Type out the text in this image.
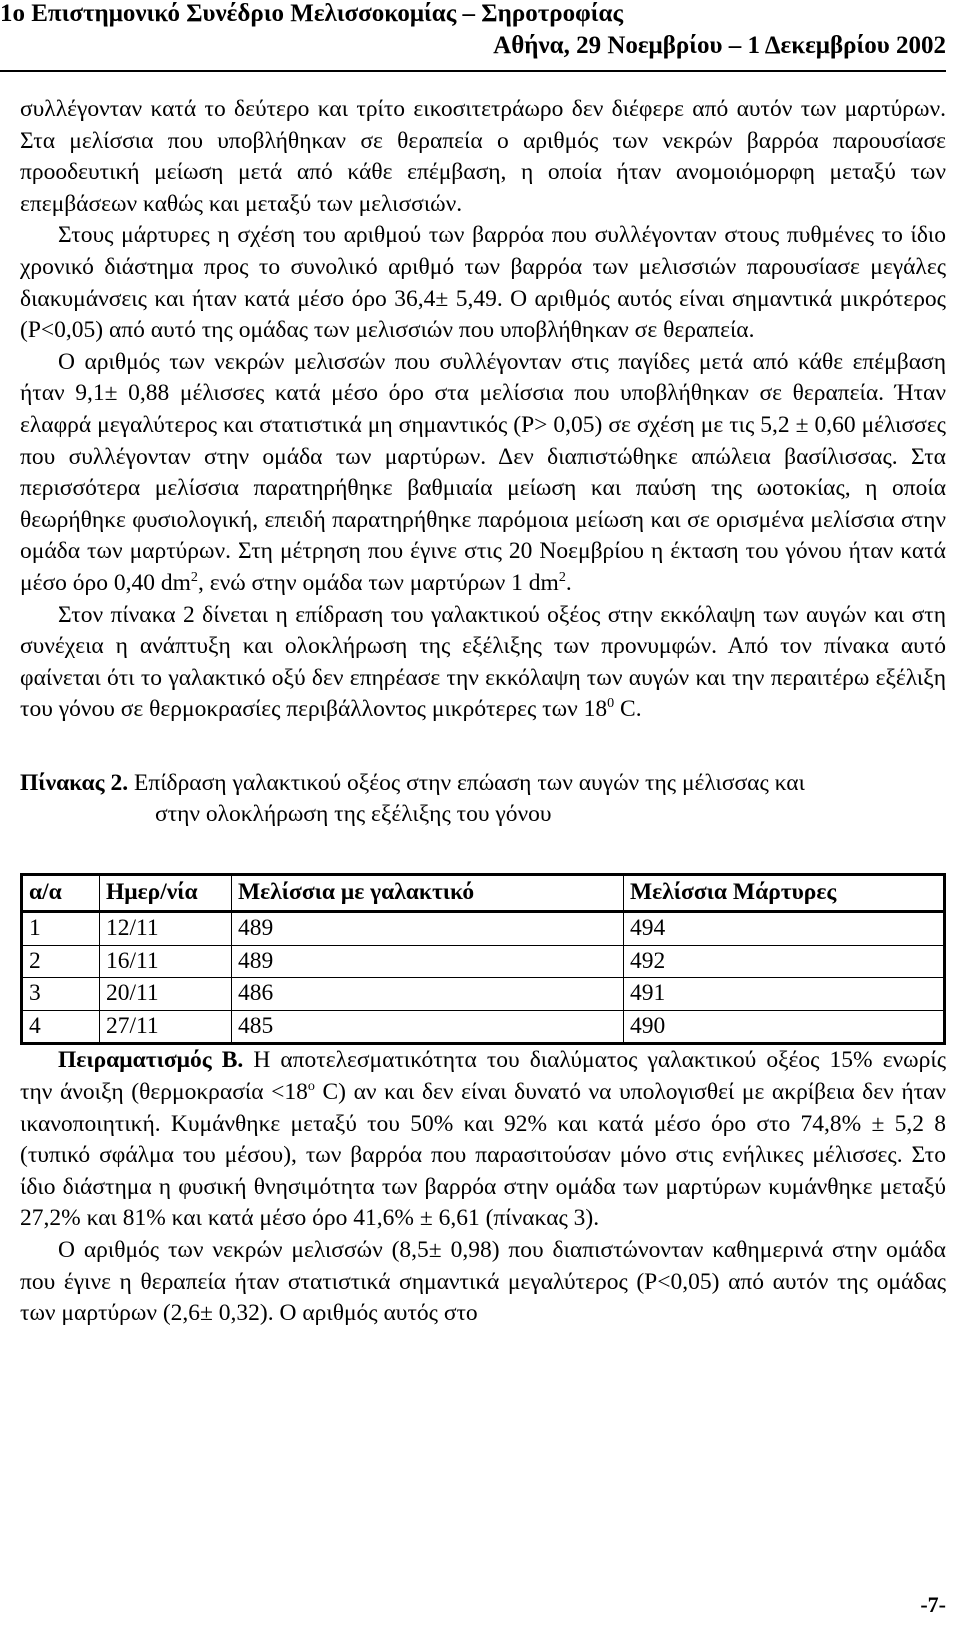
1ο Επιστημονικό Συνέδριο Μελισσοκομίας – Σηροτροφίας
Αθήνα, 29 Νοεμβρίου – 1 Δεκεμβρίου 2002

συλλέγονταν κατά το δεύτερο και τρίτο εικοσιτετράωρο δεν διέφερε από αυτόν των μαρτύρων. Στα μελίσσια που υποβλήθηκαν σε θεραπεία ο αριθμός των νεκρών βαρρόα παρουσίασε προοδευτική μείωση μετά από κάθε επέμβαση, η οποία ήταν ανομοιόμορφη μεταξύ των επεμβάσεων καθώς και μεταξύ των μελισσιών.

Στους μάρτυρες η σχέση του αριθμού των βαρρόα που συλλέγονταν στους πυθμένες το ίδιο χρονικό διάστημα προς το συνολικό αριθμό των βαρρόα των μελισσιών παρουσίασε μεγάλες διακυμάνσεις και ήταν κατά μέσο όρο 36,4± 5,49. Ο αριθμός αυτός είναι σημαντικά μικρότερος (P<0,05) από αυτό της ομάδας των μελισσιών που υποβλήθηκαν σε θεραπεία.

Ο αριθμός των νεκρών μελισσών που συλλέγονταν στις παγίδες μετά από κάθε επέμβαση ήταν 9,1± 0,88 μέλισσες κατά μέσο όρο στα μελίσσια που υποβλήθηκαν σε θεραπεία. Ήταν ελαφρά μεγαλύτερος και στατιστικά μη σημαντικός (P> 0,05) σε σχέση με τις 5,2 ± 0,60 μέλισσες που συλλέγονταν στην ομάδα των μαρτύρων. Δεν διαπιστώθηκε απώλεια βασίλισσας. Στα περισσότερα μελίσσια παρατηρήθηκε βαθμιαία μείωση και παύση της ωοτοκίας, η οποία θεωρήθηκε φυσιολογική, επειδή παρατηρήθηκε παρόμοια μείωση και σε ορισμένα μελίσσια στην ομάδα των μαρτύρων. Στη μέτρηση που έγινε στις 20 Νοεμβρίου η έκταση του γόνου ήταν κατά μέσο όρο 0,40 $dm^2$, ενώ στην ομάδα των μαρτύρων 1 $dm^2$.

Στον πίνακα 2 δίνεται η επίδραση του γαλακτικού οξέος στην εκκόλαψη των αυγών και στη συνέχεια η ανάπτυξη και ολοκλήρωση της εξέλιξης των προνυμφών. Από τον πίνακα αυτό φαίνεται ότι το γαλακτικό οξύ δεν επηρέασε την εκκόλαψη των αυγών και την περαιτέρω εξέλιξη του γόνου σε θερμοκρασίες περιβάλλοντος μικρότερες των $18^0$ C.

Πίνακας 2. Επίδραση γαλακτικού οξέος στην επώαση των αυγών της μέλισσας και
στην ολοκλήρωση της εξέλιξης του γόνου
α/α	Ημερ/νία	Μελίσσια με γαλακτικό	Μελίσσια Μάρτυρες
1	12/11	489	494
2	16/11	489	492
3	20/11	486	491
4	27/11	485	490

Πειραματισμός Β. Η αποτελεσματικότητα του διαλύματος γαλακτικού οξέος 15% ενωρίς την άνοιξη ($\theta\varepsilon\rho\mu o\kappa\rho\alpha\sigma ί\alpha <18^o$ C) αν και δεν είναι δυνατό να υπολογισθεί με ακρίβεια δεν ήταν ικανοποιητική. Κυμάνθηκε μεταξύ του 50% και 92% και κατά μέσο όρο στο 74,8% ± 5,2 8 (τυπικό σφάλμα του μέσου), των βαρρόα που παρασιτούσαν μόνο στις ενήλικες μέλισσες. Στο ίδιο διάστημα η φυσική θνησιμότητα των βαρρόα στην ομάδα των μαρτύρων κυμάνθηκε μεταξύ 27,2% και 81% και κατά μέσο όρο 41,6% ± 6,61 (πίνακας 3).

Ο αριθμός των νεκρών μελισσών (8,5± 0,98) που διαπιστώνονταν καθημερινά στην ομάδα που έγινε η θεραπεία ήταν στατιστικά σημαντικά μεγαλύτερος (P<0,05) από αυτόν της ομάδας των μαρτύρων (2,6± 0,32). Ο αριθμός αυτός στο

-7-
